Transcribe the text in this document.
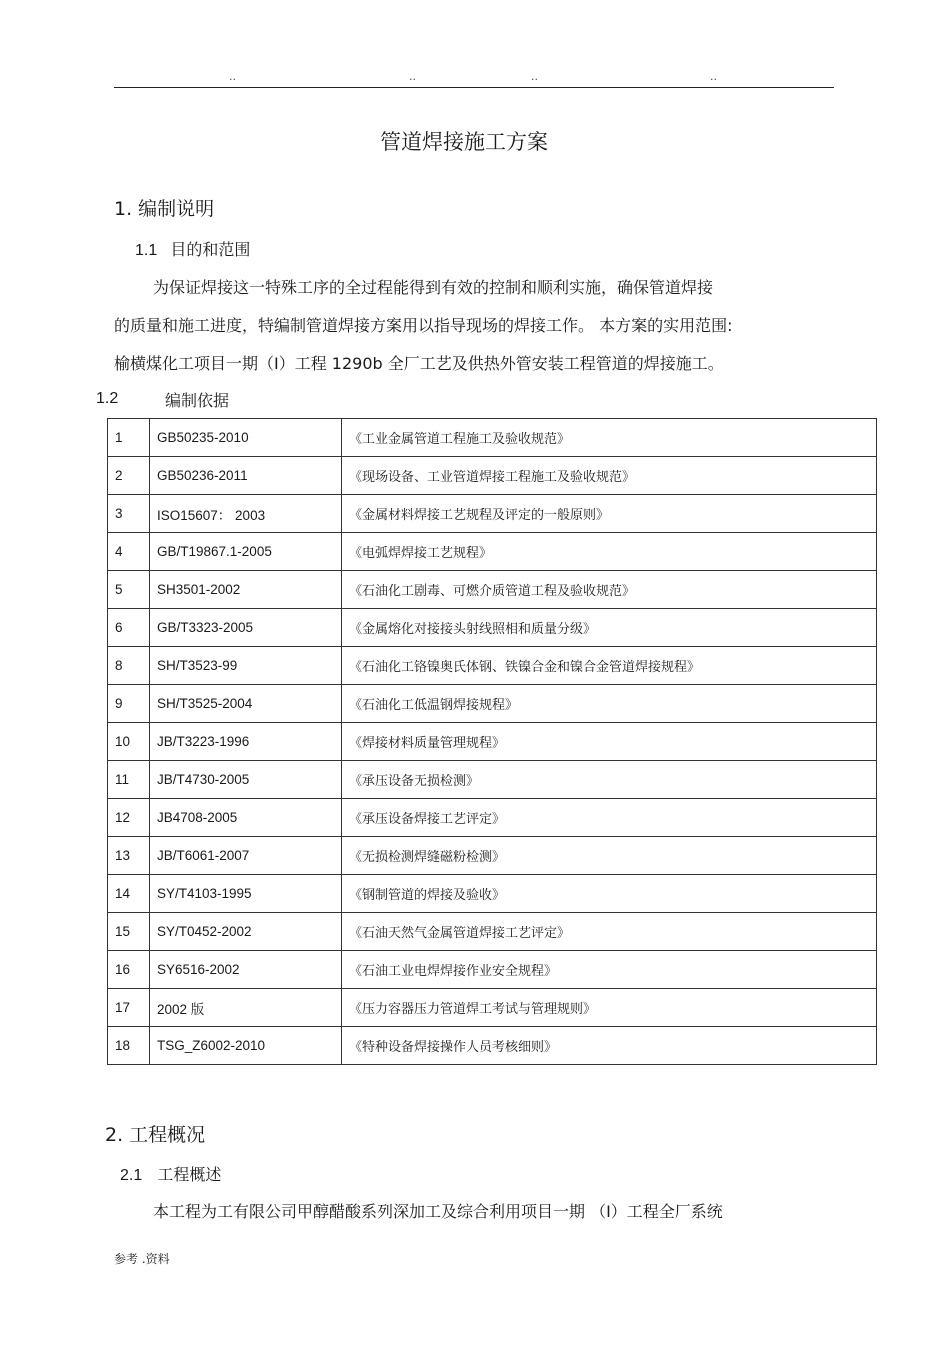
..	..	..	..
管道焊接施工方案
1. 编制说明
1.1 目的和范围
为保证焊接这一特殊工序的全过程能得到有效的控制和顺利实施，确保管道焊接
的质量和施工进度，特编制管道焊接方案用以指导现场的焊接工作。 本方案的实用范围:
榆横煤化工项目一期（Ⅰ）工程 1290b 全厂工艺及供热外管安装工程管道的焊接施工。
1.2	编制依据
1	GB50235-2010	《工业金属管道工程施工及验收规范》
2	GB50236-2011	《现场设备、工业管道焊接工程施工及验收规范》
3	ISO15607： 2003	《金属材料焊接工艺规程及评定的一般原则》
4	GB/T19867.1-2005	《电弧焊焊接工艺规程》
5	SH3501-2002	《石油化工剧毒、可燃介质管道工程及验收规范》
6	GB/T3323-2005	《金属熔化对接接头射线照相和质量分级》
8	SH/T3523-99	《石油化工铬镍奥氏体钢、铁镍合金和镍合金管道焊接规程》
9	SH/T3525-2004	《石油化工低温钢焊接规程》
10	JB/T3223-1996	《焊接材料质量管理规程》
11	JB/T4730-2005	《承压设备无损检测》
12	JB4708-2005	《承压设备焊接工艺评定》
13	JB/T6061-2007	《无损检测焊缝磁粉检测》
14	SY/T4103-1995	《钢制管道的焊接及验收》
15	SY/T0452-2002	《石油天然气金属管道焊接工艺评定》
16	SY6516-2002	《石油工业电焊焊接作业安全规程》
17	2002 版	《压力容器压力管道焊工考试与管理规则》
18	TSG_Z6002-2010	《特种设备焊接操作人员考核细则》
2. 工程概况
2.1 工程概述
本工程为工有限公司甲醇醋酸系列深加工及综合利用项目一期 （Ⅰ）工程全厂系统
参考 .资料
